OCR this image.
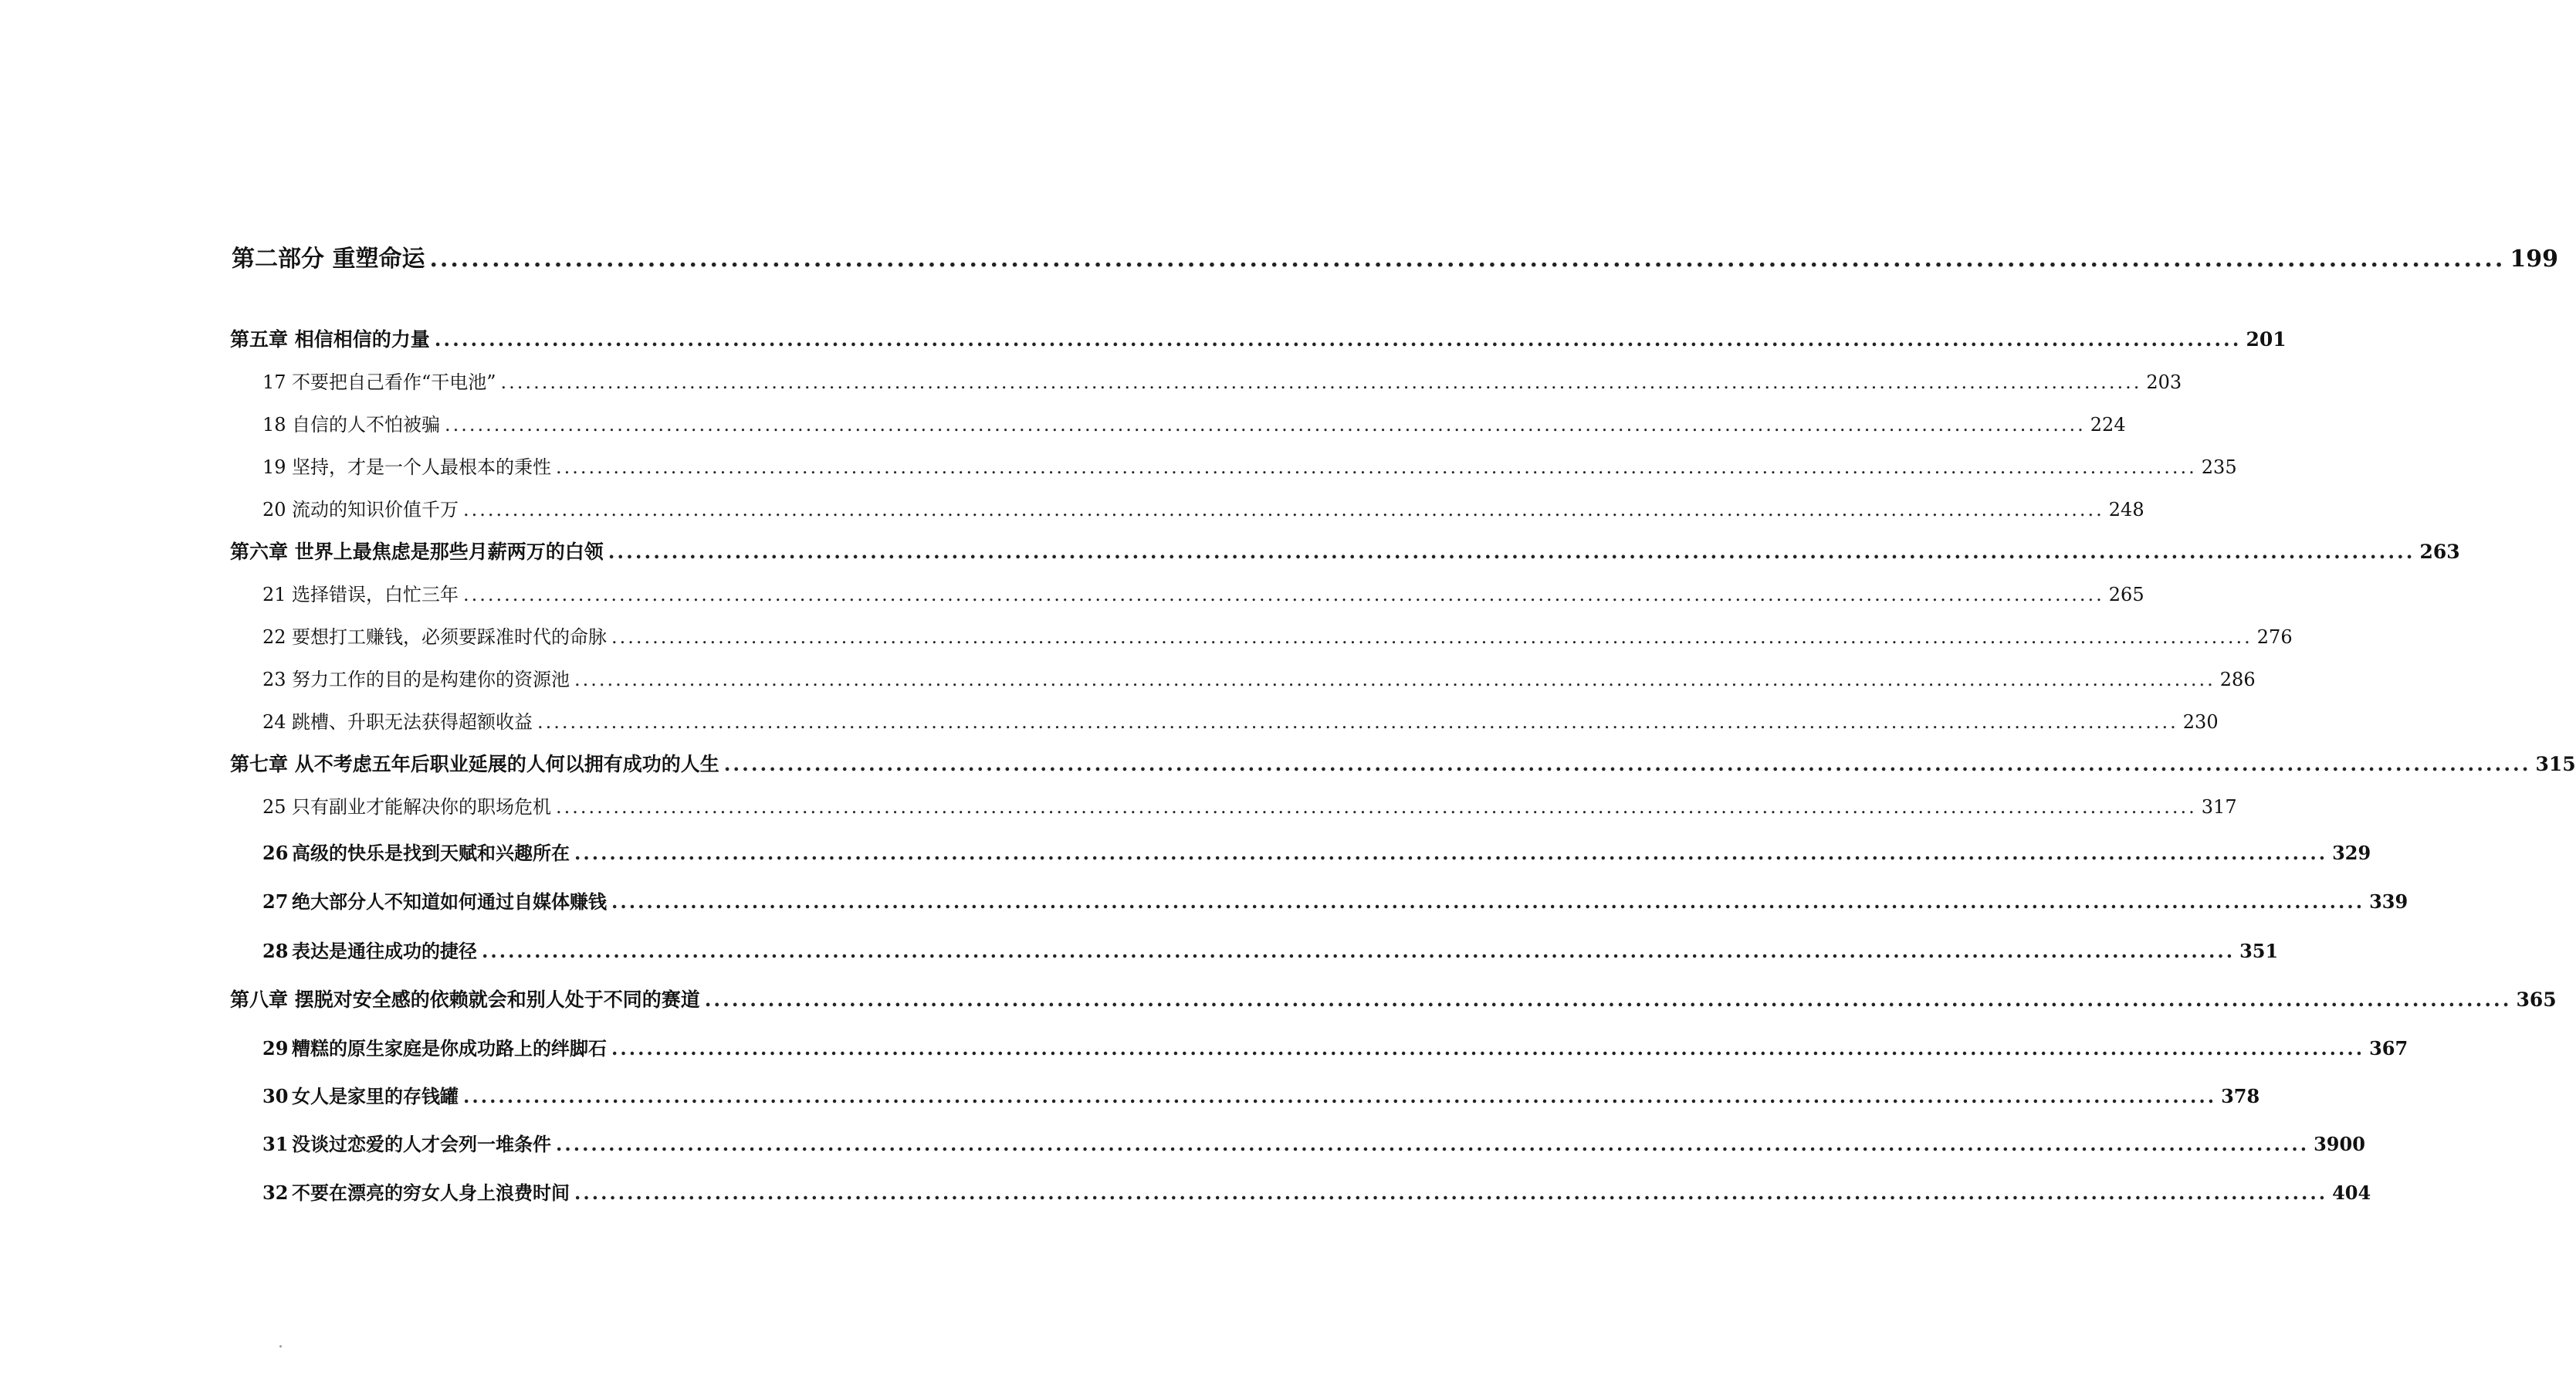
第二部分 重塑命运 ........................................................................................................................................................................................................ 199
第五章 相信相信的力量 ........................................................................................................................................................................................................ 201
17 不要把自己看作“干电池” ........................................................................................................................................................................................................ 203
18 自信的人不怕被骗 ........................................................................................................................................................................................................ 224
19 坚持，才是一个人最根本的秉性 ........................................................................................................................................................................................................ 235
20 流动的知识价值千万 ........................................................................................................................................................................................................ 248
第六章 世界上最焦虑是那些月薪两万的白领 ........................................................................................................................................................................................................ 263
21 选择错误，白忙三年 ........................................................................................................................................................................................................ 265
22 要想打工赚钱，必须要踩准时代的命脉 ........................................................................................................................................................................................................ 276
23 努力工作的目的是构建你的资源池 ........................................................................................................................................................................................................ 286
24 跳槽、升职无法获得超额收益 ........................................................................................................................................................................................................ 230
第七章 从不考虑五年后职业延展的人何以拥有成功的人生 ........................................................................................................................................................................................................ 315
25 只有副业才能解决你的职场危机 ........................................................................................................................................................................................................ 317
26 高级的快乐是找到天赋和兴趣所在 ........................................................................................................................................................................................................ 329
27 绝大部分人不知道如何通过自媒体赚钱 ........................................................................................................................................................................................................ 339
28 表达是通往成功的捷径 ........................................................................................................................................................................................................ 351
第八章 摆脱对安全感的依赖就会和别人处于不同的赛道 ........................................................................................................................................................................................................ 365
29 糟糕的原生家庭是你成功路上的绊脚石 ........................................................................................................................................................................................................ 367
30 女人是家里的存钱罐 ........................................................................................................................................................................................................ 378
31 没谈过恋爱的人才会列一堆条件 ........................................................................................................................................................................................................ 3900
32 不要在漂亮的穷女人身上浪费时间 ........................................................................................................................................................................................................ 404
